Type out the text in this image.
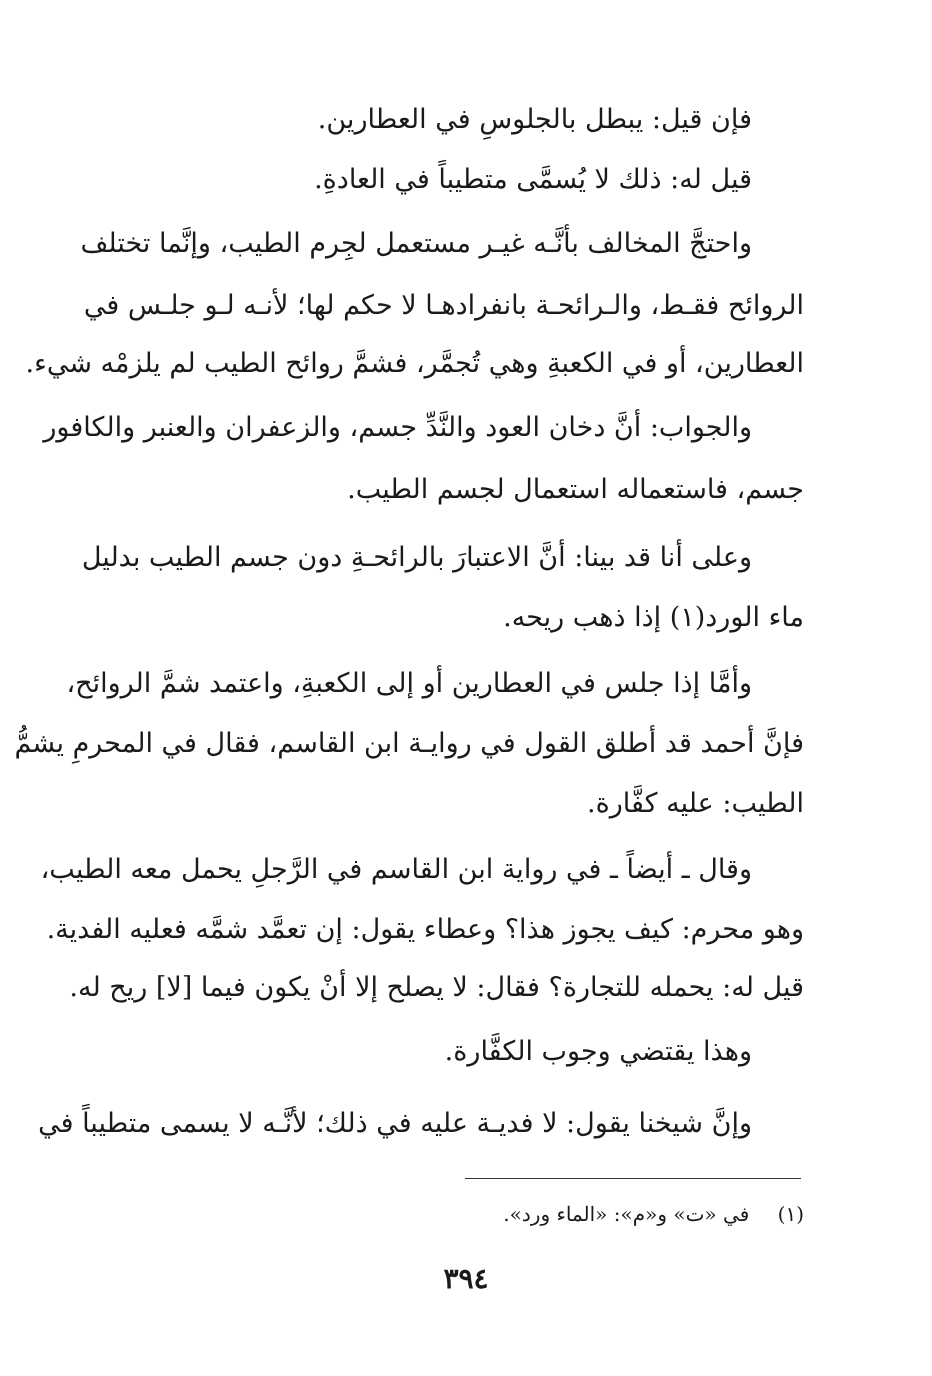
فإن قيل: يبطل بالجلوسِ في العطارين.
قيل له: ذلك لا يُسمَّى متطيباً في العادةِ.
واحتجَّ المخالف بأنَّـه غيـر مستعمل لجِرم الطيب، وإنَّما تختلف
الروائح فقـط، والـرائحـة بانفرادهـا لا حكم لها؛ لأنـه لـو جلـس في
العطارين، أو في الكعبةِ وهي تُجمَّر، فشمَّ روائح الطيب لم يلزمْه شيء.
والجواب: أنَّ دخان العود والنَّدِّ جسم، والزعفران والعنبر والكافور
جسم، فاستعماله استعمال لجسم الطيب.
وعلى أنا قد بينا: أنَّ الاعتبارَ بالرائحـةِ دون جسم الطيب بدليل
ماء الورد(١) إذا ذهب ريحه.
وأمَّا إذا جلس في العطارين أو إلى الكعبةِ، واعتمد شمَّ الروائح،
فإنَّ أحمد قد أطلق القول في روايـة ابن القاسم، فقال في المحرمِ يشمُّ
الطيب: عليه كفَّارة.
وقال ـ أيضاً ـ في رواية ابن القاسم في الرَّجلِ يحمل معه الطيب،
وهو محرم: كيف يجوز هذا؟ وعطاء يقول: إن تعمَّد شمَّه فعليه الفدية.
قيل له: يحمله للتجارة؟ فقال: لا يصلح إلا أنْ يكون فيما [لا] ريح له.
وهذا يقتضي وجوب الكفَّارة.
وإنَّ شيخنا يقول: لا فديـة عليه في ذلك؛ لأنَّـه لا يسمى متطيباً في
(١) في «ت» و«م»: «الماء ورد».
٣٩٤
